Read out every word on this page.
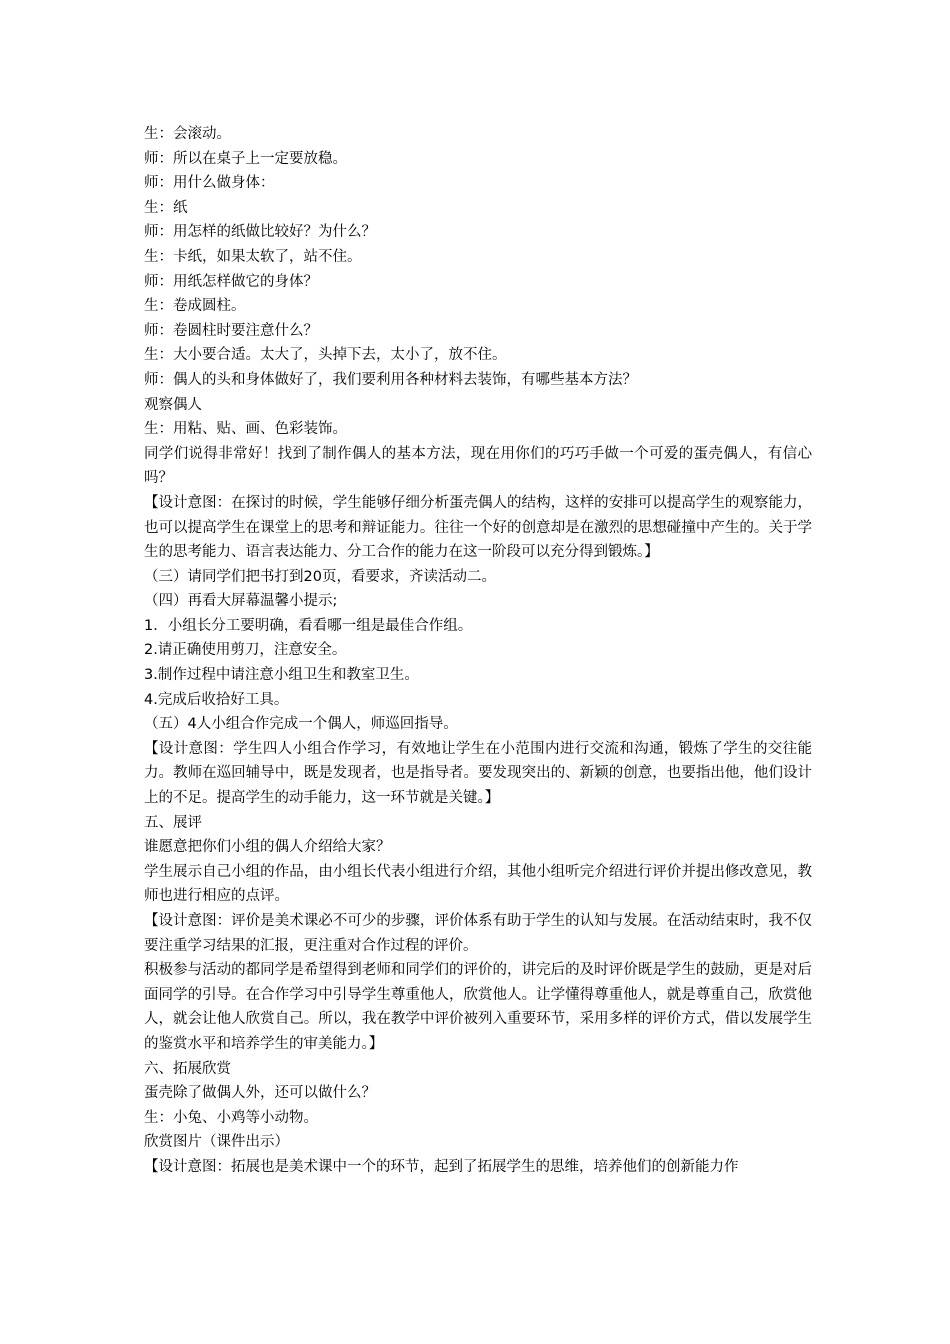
生：会滚动。

师：所以在桌子上一定要放稳。

师：用什么做身体：

生：纸

师：用怎样的纸做比较好？为什么？

生：卡纸，如果太软了，站不住。

师：用纸怎样做它的身体？

生：卷成圆柱。

师：卷圆柱时要注意什么？

生：大小要合适。太大了，头掉下去，太小了，放不住。

师：偶人的头和身体做好了，我们要利用各种材料去装饰，有哪些基本方法？

观察偶人

生：用粘、贴、画、色彩装饰。

同学们说得非常好！找到了制作偶人的基本方法，现在用你们的巧巧手做一个可爱的蛋壳偶人，有信心吗？

【设计意图：在探讨的时候，学生能够仔细分析蛋壳偶人的结构，这样的安排可以提高学生的观察能力，也可以提高学生在课堂上的思考和辩证能力。往往一个好的创意却是在激烈的思想碰撞中产生的。关于学生的思考能力、语言表达能力、分工合作的能力在这一阶段可以充分得到锻炼。】

（三）请同学们把书打到20页，看要求，齐读活动二。

（四）再看大屏幕温馨小提示;

1．小组长分工要明确，看看哪一组是最佳合作组。

2.请正确使用剪刀，注意安全。

3.制作过程中请注意小组卫生和教室卫生。

4.完成后收拾好工具。

（五）4人小组合作完成一个偶人，师巡回指导。

【设计意图：学生四人小组合作学习，有效地让学生在小范围内进行交流和沟通，锻炼了学生的交往能力。教师在巡回辅导中，既是发现者，也是指导者。要发现突出的、新颖的创意，也要指出他，他们设计上的不足。提高学生的动手能力，这一环节就是关键。】

五、展评

谁愿意把你们小组的偶人介绍给大家？

学生展示自己小组的作品，由小组长代表小组进行介绍，其他小组听完介绍进行评价并提出修改意见，教师也进行相应的点评。

【设计意图：评价是美术课必不可少的步骤，评价体系有助于学生的认知与发展。在活动结束时，我不仅要注重学习结果的汇报，更注重对合作过程的评价。

积极参与活动的都同学是希望得到老师和同学们的评价的，讲完后的及时评价既是学生的鼓励，更是对后面同学的引导。在合作学习中引导学生尊重他人，欣赏他人。让学懂得尊重他人，就是尊重自己，欣赏他人，就会让他人欣赏自己。所以，我在教学中评价被列入重要环节，采用多样的评价方式，借以发展学生的鉴赏水平和培养学生的审美能力。】

六、拓展欣赏

蛋壳除了做偶人外，还可以做什么？

生：小兔、小鸡等小动物。

欣赏图片（课件出示）

【设计意图：拓展也是美术课中一个的环节，起到了拓展学生的思维，培养他们的创新能力作
